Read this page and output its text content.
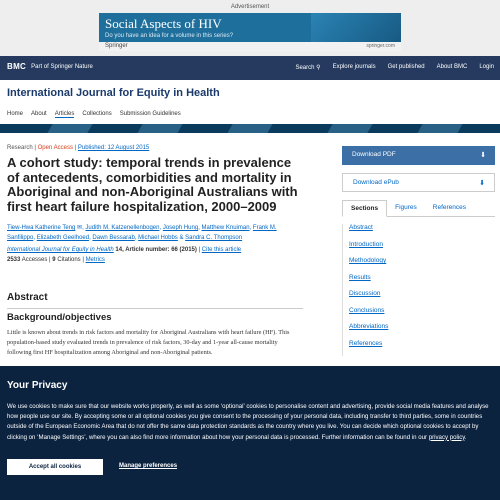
Advertisement
Social Aspects of HIV
Do you have an idea for a volume in this series?
Springer	springer.com
BMC Part of Springer Nature	Search ⚲ Explore journals Get published About BMC Login
International Journal for Equity in Health
Home About Articles Collections Submission Guidelines
Research | Open Access | Published: 12 August 2015
A cohort study: temporal trends in prevalence of antecedents, comorbidities and mortality in Aboriginal and non-Aboriginal Australians with first heart failure hospitalization, 2000–2009
Tiew-Hwa Katherine Teng ✉, Judith M. Katzenellenbogen, Joseph Hung, Matthew Knuiman, Frank M. Sanfilippo, Elizabeth Geelhoed, Dawn Bessarab, Michael Hobbs & Sandra C. Thompson
International Journal for Equity in Health 14, Article number: 66 (2015) | Cite this article
2533 Accesses | 9 Citations | Metrics
Abstract
Background/objectives

Little is known about trends in risk factors and mortality for Aboriginal Australians with heart failure (HF). This population-based study evaluated trends in prevalence of risk factors, 30-day and 1-year all-cause mortality following first HF hospitalization among Aboriginal and non-Aboriginal patients.

Download PDF	⬇
Download ePub	⬇
Sections	Figures	References
Abstract
Introduction
Methodology
Results
Discussion
Conclusions
Abbreviations
References
Your Privacy
We use cookies to make sure that our website works properly, as well as some ‘optional’ cookies to personalise content and advertising, provide social media features and analyse how people use our site. By accepting some or all optional cookies you give consent to the processing of your personal data, including transfer to third parties, some in countries outside of the European Economic Area that do not offer the same data protection standards as the country where you live. You can decide which optional cookies to accept by clicking on ‘Manage Settings’, where you can also find more information about how your personal data is processed. Further information can be found in our privacy policy.
Accept all cookies	Manage preferences
